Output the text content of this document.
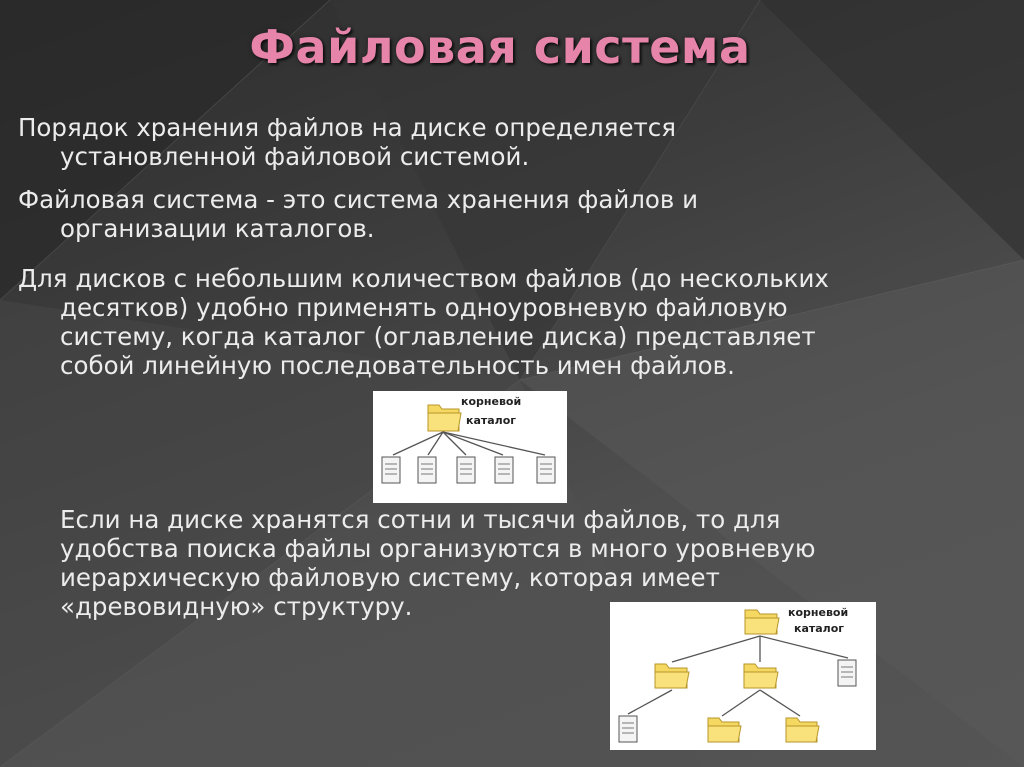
Файловая система

Порядок хранения файлов на диске определяется
установленной файловой системой.

Файловая система - это система хранения файлов и
организации каталогов.

Для дисков с небольшим количеством файлов (до нескольких
десятков) удобно применять одноуровневую файловую
систему, когда каталог (оглавление диска) представляет
собой линейную последовательность имен файлов.

корневой
каталог

Если на диске хранятся сотни и тысячи файлов, то для
удобства поиска файлы организуются в много уровневую
иерархическую файловую систему, которая имеет
«древовидную» структуру.	корневой
каталог
